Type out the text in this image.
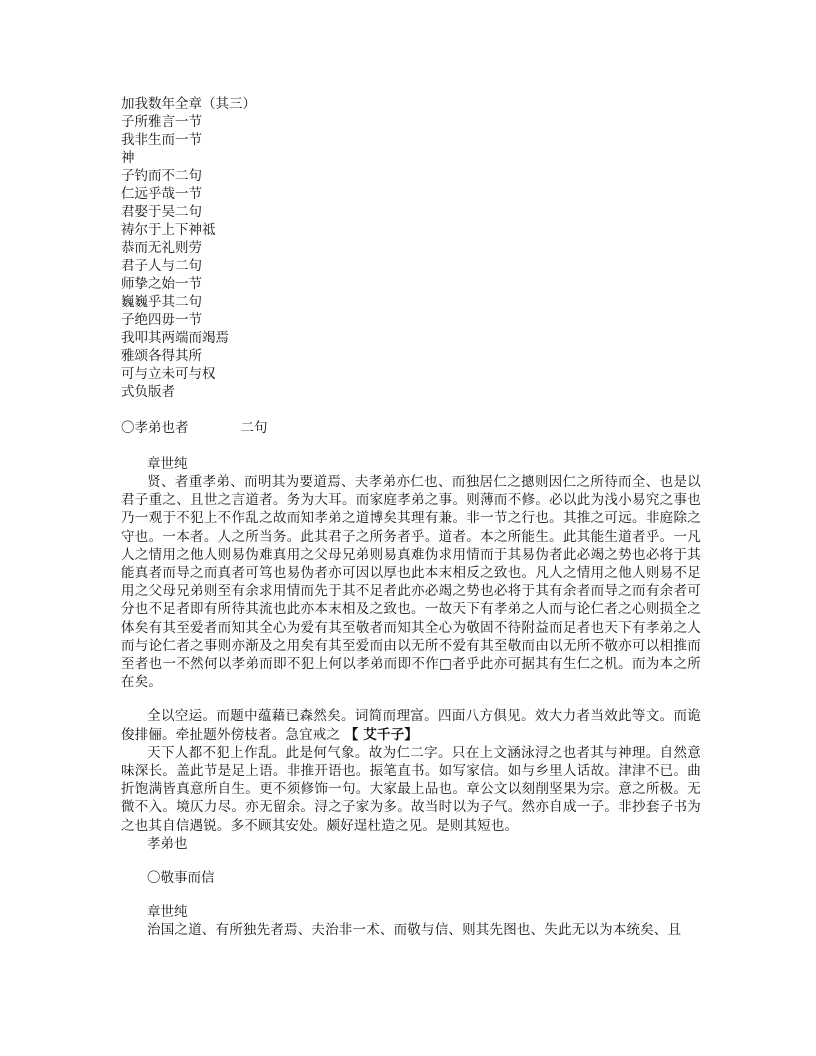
加我数年全章（其三）
子所雅言一节
我非生而一节
神
子钓而不二句
仁远乎哉一节
君娶于吴二句
祷尔于上下神祗
恭而无礼则劳
君子人与二句
师挚之始一节
巍巍乎其二句
子绝四毋一节
我叩其两端而竭焉
雅颂各得其所
可与立未可与权
式负版者
〇孝弟也者	二句
章世纯
贤、者重孝弟、而明其为要道焉、夫孝弟亦仁也、而独居仁之摠则因仁之所待而全、也是以君子重之、且世之言道者。务为大耳。而家庭孝弟之事。则薄而不修。必以此为浅小易究之事也乃一观于不犯上不作乱之故而知孝弟之道博矣其理有兼。非一节之行也。其推之可远。非庭除之守也。一本者。人之所当务。此其君子之所务者乎。道者。本之所能生。此其能生道者乎。一凡人之情用之他人则易伪难真用之父母兄弟则易真难伪求用情而于其易伪者此必竭之势也必将于其能真者而导之而真者可笃也易伪者亦可因以厚也此本末相反之致也。凡人之情用之他人则易不足用之父母兄弟则至有余求用情而先于其不足者此亦必竭之势也必将于其有余者而导之而有余者可分也不足者即有所待其流也此亦本末相及之致也。一故天下有孝弟之人而与论仁者之心则损全之体矣有其至爱者而知其全心为爱有其至敬者而知其全心为敬固不待附益而足者也天下有孝弟之人而与论仁者之事则亦渐及之用矣有其至爱而由以无所不爱有其至敬而由以无所不敬亦可以相推而至者也一不然何以孝弟而即不犯上何以孝弟而即不作□者乎此亦可据其有生仁之机。而为本之所在矣。
全以空运。而题中蕴藉已森然矣。词简而理富。四面八方俱见。效大力者当效此等文。而诡俊排俪。牵扯题外傍枝者。急宜戒之 【 艾千子】
天下人都不犯上作乱。此是何气象。故为仁二字。只在上文涵泳浔之也者其与神理。自然意味深长。盖此节是足上语。非推开语也。振笔直书。如写家信。如与乡里人话故。津津不已。曲折饱满皆真意所自生。更不须修饰一句。大家最上品也。章公文以刻削坚果为宗。意之所极。无微不入。境仄力尽。亦无留余。浔之子家为多。故当时以为子气。然亦自成一子。非抄套子书为之也其自信遇锐。多不顾其安处。颇好逞杜造之见。是则其短也。
孝弟也
〇敬事而信
章世纯
治国之道、有所独先者焉、夫治非一术、而敬与信、则其先图也、失此无以为本统矣、且
